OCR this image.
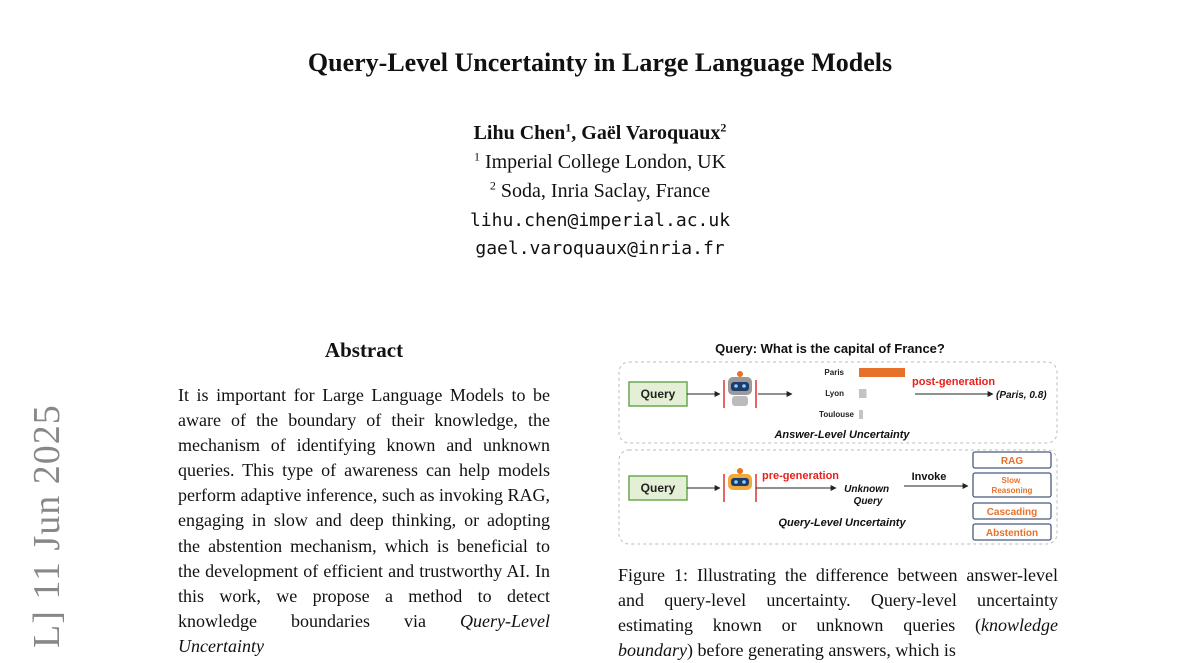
Query-Level Uncertainty in Large Language Models
Lihu Chen$^1$, Gaël Varoquaux$^2$
$^1$ Imperial College London, UK
$^2$ Soda, Inria Saclay, France
lihu.chen@imperial.ac.uk
gael.varoquaux@inria.fr
L] 11 Jun 2025
Abstract
It is important for Large Language Models to be aware of the boundary of their knowledge, the mechanism of identifying known and unknown queries. This type of awareness can help models perform adaptive inference, such as invoking RAG, engaging in slow and deep thinking, or adopting the abstention mechanism, which is beneficial to the development of efficient and trustworthy AI. In this work, we propose a method to detect knowledge boundaries via Query-Level Uncertainty
Query: What is the capital of France?
Query
Paris
Lyon
Toulouse
post-generation
(Paris, 0.8)
Answer-Level Uncertainty
Query
pre-generation
Unknown Query
Invoke
RAG
Slow Reasoning
Cascading
Abstention
Query-Level Uncertainty
Figure 1: Illustrating the difference between answer-level and query-level uncertainty. Query-level uncertainty estimating known or unknown queries (knowledge boundary) before generating answers, which is
